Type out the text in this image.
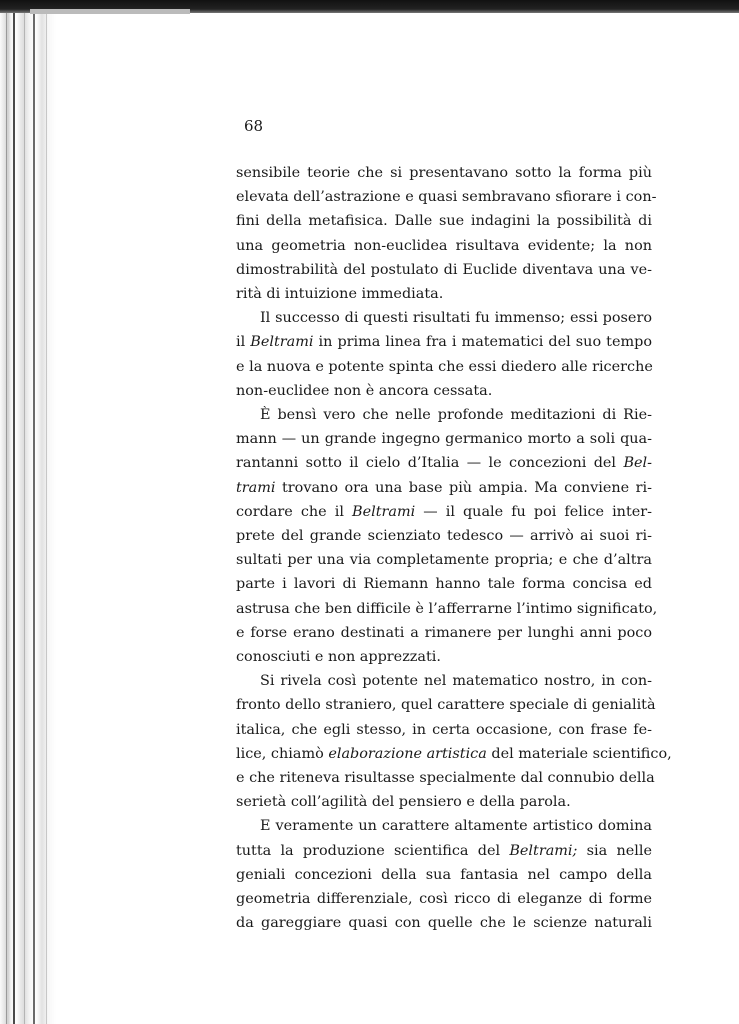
68

sensibile teorie che si presentavano sotto la forma più
elevata dell’astrazione e quasi sembravano sfiorare i con-
fini della metafisica. Dalle sue indagini la possibilità di
una geometria non-euclidea risultava evidente; la non
dimostrabilità del postulato di Euclide diventava una ve-
rità di intuizione immediata.

Il successo di questi risultati fu immenso; essi posero
il Beltrami in prima linea fra i matematici del suo tempo
e la nuova e potente spinta che essi diedero alle ricerche
non-euclidee non è ancora cessata.

È bensì vero che nelle profonde meditazioni di Rie-
mann — un grande ingegno germanico morto a soli qua-
rantanni sotto il cielo d’Italia — le concezioni del Bel-
trami trovano ora una base più ampia. Ma conviene ri-
cordare che il Beltrami — il quale fu poi felice inter-
prete del grande scienziato tedesco — arrivò ai suoi ri-
sultati per una via completamente propria; e che d’altra
parte i lavori di Riemann hanno tale forma concisa ed
astrusa che ben difficile è l’afferrarne l’intimo significato,
e forse erano destinati a rimanere per lunghi anni poco
conosciuti e non apprezzati.

Si rivela così potente nel matematico nostro, in con-
fronto dello straniero, quel carattere speciale di genialità
italica, che egli stesso, in certa occasione, con frase fe-
lice, chiamò elaborazione artistica del materiale scientifico,
e che riteneva risultasse specialmente dal connubio della
serietà coll’agilità del pensiero e della parola.

E veramente un carattere altamente artistico domina
tutta la produzione scientifica del Beltrami; sia nelle
geniali concezioni della sua fantasia nel campo della
geometria differenziale, così ricco di eleganze di forme
da gareggiare quasi con quelle che le scienze naturali
